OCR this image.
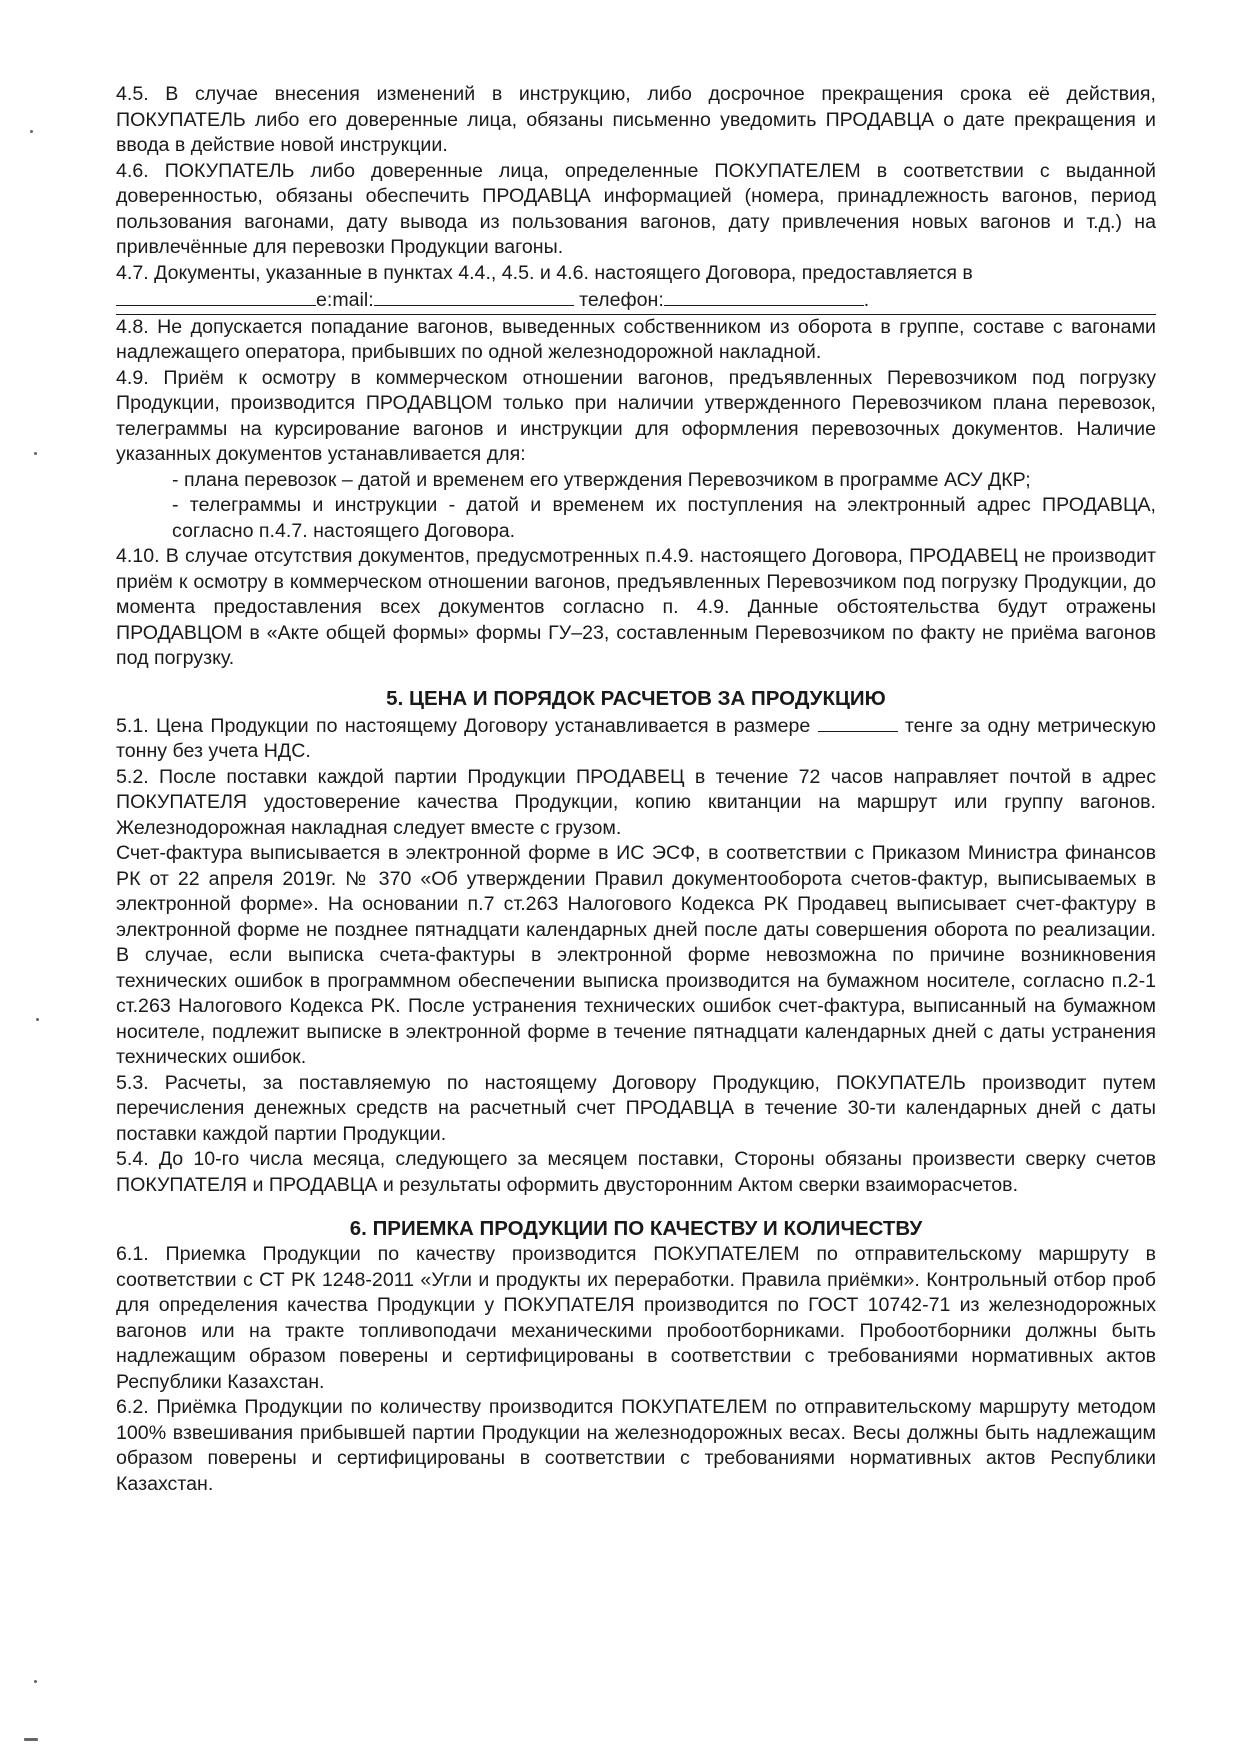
4.5. В случае внесения изменений в инструкцию, либо досрочное прекращения срока её действия, ПОКУПАТЕЛЬ либо его доверенные лица, обязаны письменно уведомить ПРОДАВЦА о дате прекращения и ввода в действие новой инструкции.

4.6. ПОКУПАТЕЛЬ либо доверенные лица, определенные ПОКУПАТЕЛЕМ в соответствии с выданной доверенностью, обязаны обеспечить ПРОДАВЦА информацией (номера, принадлежность вагонов, период пользования вагонами, дату вывода из пользования вагонов, дату привлечения новых вагонов и т.д.) на привлечённые для перевозки Продукции вагоны.

4.7. Документы, указанные в пунктах 4.4., 4.5. и 4.6. настоящего Договора, предоставляется в

e:mail:	телефон:	.

4.8. Не допускается попадание вагонов, выведенных собственником из оборота в группе, составе с вагонами надлежащего оператора, прибывших по одной железнодорожной накладной.

4.9. Приём к осмотру в коммерческом отношении вагонов, предъявленных Перевозчиком под погрузку Продукции, производится ПРОДАВЦОМ только при наличии утвержденного Перевозчиком плана перевозок, телеграммы на курсирование вагонов и инструкции для оформления перевозочных документов. Наличие указанных документов устанавливается для:

- плана перевозок – датой и временем его утверждения Перевозчиком в программе АСУ ДКР;

- телеграммы и инструкции - датой и временем их поступления на электронный адрес ПРОДАВЦА, согласно п.4.7. настоящего Договора.

4.10. В случае отсутствия документов, предусмотренных п.4.9. настоящего Договора, ПРОДАВЕЦ не производит приём к осмотру в коммерческом отношении вагонов, предъявленных Перевозчиком под погрузку Продукции, до момента предоставления всех документов согласно п. 4.9. Данные обстоятельства будут отражены ПРОДАВЦОМ в «Акте общей формы» формы ГУ–23, составленным Перевозчиком по факту не приёма вагонов под погрузку.

5. ЦЕНА И ПОРЯДОК РАСЧЕТОВ ЗА ПРОДУКЦИЮ

5.1. Цена Продукции по настоящему Договору устанавливается в размере	тенге за одну метрическую тонну без учета НДС.

5.2. После поставки каждой партии Продукции ПРОДАВЕЦ в течение 72 часов направляет почтой в адрес ПОКУПАТЕЛЯ удостоверение качества Продукции, копию квитанции на маршрут или группу вагонов. Железнодорожная накладная следует вместе с грузом.

Счет-фактура выписывается в электронной форме в ИС ЭСФ, в соответствии с Приказом Министра финансов РК от 22 апреля 2019г. № 370 «Об утверждении Правил документооборота счетов-фактур, выписываемых в электронной форме». На основании п.7 ст.263 Налогового Кодекса РК Продавец выписывает счет-фактуру в электронной форме не позднее пятнадцати календарных дней после даты совершения оборота по реализации. В случае, если выписка счета-фактуры в электронной форме невозможна по причине возникновения технических ошибок в программном обеспечении выписка производится на бумажном носителе, согласно п.2-1 ст.263 Налогового Кодекса РК. После устранения технических ошибок счет-фактура, выписанный на бумажном носителе, подлежит выписке в электронной форме в течение пятнадцати календарных дней с даты устранения технических ошибок.

5.3. Расчеты, за поставляемую по настоящему Договору Продукцию, ПОКУПАТЕЛЬ производит путем перечисления денежных средств на расчетный счет ПРОДАВЦА в течение 30-ти календарных дней с даты поставки каждой партии Продукции.

5.4. До 10-го числа месяца, следующего за месяцем поставки, Стороны обязаны произвести сверку счетов ПОКУПАТЕЛЯ и ПРОДАВЦА и результаты оформить двусторонним Актом сверки взаиморасчетов.

6. ПРИЕМКА ПРОДУКЦИИ ПО КАЧЕСТВУ И КОЛИЧЕСТВУ

6.1. Приемка Продукции по качеству производится ПОКУПАТЕЛЕМ по отправительскому маршруту в соответствии с СТ РК 1248-2011 «Угли и продукты их переработки. Правила приёмки». Контрольный отбор проб для определения качества Продукции у ПОКУПАТЕЛЯ производится по ГОСТ 10742-71 из железнодорожных вагонов или на тракте топливоподачи механическими пробоотборниками. Пробоотборники должны быть надлежащим образом поверены и сертифицированы в соответствии с требованиями нормативных актов Республики Казахстан.

6.2. Приёмка Продукции по количеству производится ПОКУПАТЕЛЕМ по отправительскому маршруту методом 100% взвешивания прибывшей партии Продукции на железнодорожных весах. Весы должны быть надлежащим образом поверены и сертифицированы в соответствии с требованиями нормативных актов Республики Казахстан.
